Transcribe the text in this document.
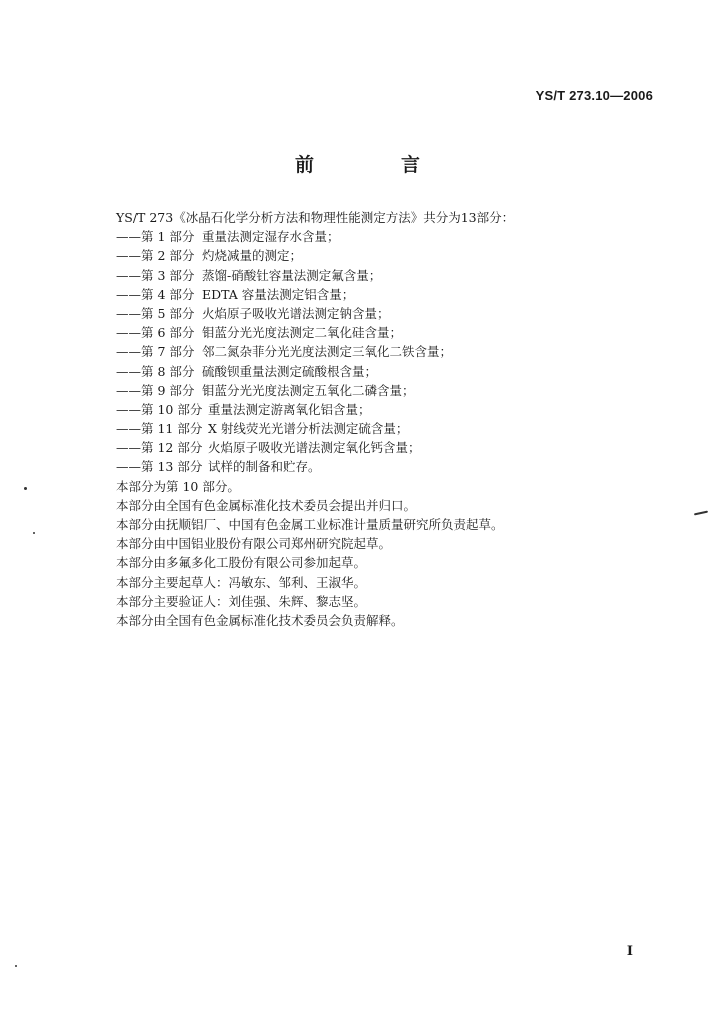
YS/T 273.10—2006
前　言
YS/T 273《冰晶石化学分析方法和物理性能测定方法》共分为13部分：
——第 1 部分 重量法测定湿存水含量；
——第 2 部分 灼烧减量的测定；
——第 3 部分 蒸馏-硝酸钍容量法测定氟含量；
——第 4 部分 EDTA 容量法测定铝含量；
——第 5 部分 火焰原子吸收光谱法测定钠含量；
——第 6 部分 钼蓝分光光度法测定二氧化硅含量；
——第 7 部分 邻二氮杂菲分光光度法测定三氧化二铁含量；
——第 8 部分 硫酸钡重量法测定硫酸根含量；
——第 9 部分 钼蓝分光光度法测定五氧化二磷含量；
——第 10 部分 重量法测定游离氧化铝含量；
——第 11 部分 X 射线荧光光谱分析法测定硫含量；
——第 12 部分 火焰原子吸收光谱法测定氧化钙含量；
——第 13 部分 试样的制备和贮存。
本部分为第 10 部分。
本部分由全国有色金属标准化技术委员会提出并归口。
本部分由抚顺铝厂、中国有色金属工业标准计量质量研究所负责起草。
本部分由中国铝业股份有限公司郑州研究院起草。
本部分由多氟多化工股份有限公司参加起草。
本部分主要起草人：冯敏东、邹利、王淑华。
本部分主要验证人：刘佳强、朱辉、黎志坚。
本部分由全国有色金属标准化技术委员会负责解释。
I
